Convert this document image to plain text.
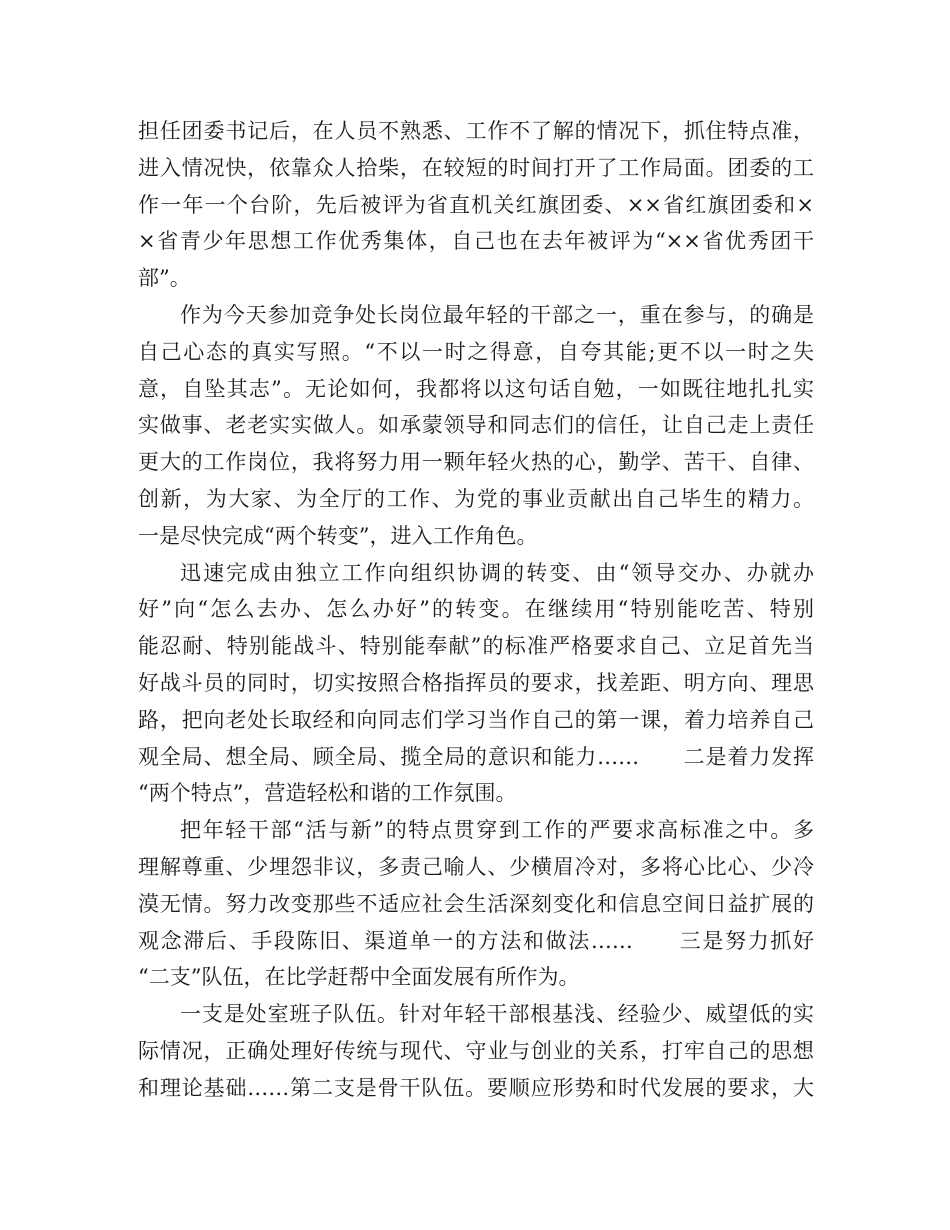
担任团委书记后，在人员不熟悉、工作不了解的情况下，抓住特点准，
进入情况快，依靠众人拾柴，在较短的时间打开了工作局面。团委的工
作一年一个台阶，先后被评为省直机关红旗团委、××省红旗团委和×
×省青少年思想工作优秀集体，自己也在去年被评为“××省优秀团干
部”。
作为今天参加竞争处长岗位最年轻的干部之一，重在参与，的确是
自己心态的真实写照。“不以一时之得意，自夸其能;更不以一时之失
意，自坠其志”。无论如何，我都将以这句话自勉，一如既往地扎扎实
实做事、老老实实做人。如承蒙领导和同志们的信任，让自己走上责任
更大的工作岗位，我将努力用一颗年轻火热的心，勤学、苦干、自律、
创新，为大家、为全厅的工作、为党的事业贡献出自己毕生的精力。
一是尽快完成“两个转变”，进入工作角色。
迅速完成由独立工作向组织协调的转变、由“领导交办、办就办
好”向“怎么去办、怎么办好”的转变。在继续用“特别能吃苦、特别
能忍耐、特别能战斗、特别能奉献”的标准严格要求自己、立足首先当
好战斗员的同时，切实按照合格指挥员的要求，找差距、明方向、理思
路，把向老处长取经和向同志们学习当作自己的第一课，着力培养自己
观全局、想全局、顾全局、揽全局的意识和能力……　　二是着力发挥
“两个特点”，营造轻松和谐的工作氛围。
把年轻干部“活与新”的特点贯穿到工作的严要求高标准之中。多
理解尊重、少埋怨非议，多责己喻人、少横眉冷对，多将心比心、少冷
漠无情。努力改变那些不适应社会生活深刻变化和信息空间日益扩展的
观念滞后、手段陈旧、渠道单一的方法和做法……　　三是努力抓好
“二支”队伍，在比学赶帮中全面发展有所作为。
一支是处室班子队伍。针对年轻干部根基浅、经验少、威望低的实
际情况，正确处理好传统与现代、守业与创业的关系，打牢自己的思想
和理论基础……第二支是骨干队伍。要顺应形势和时代发展的要求，大
